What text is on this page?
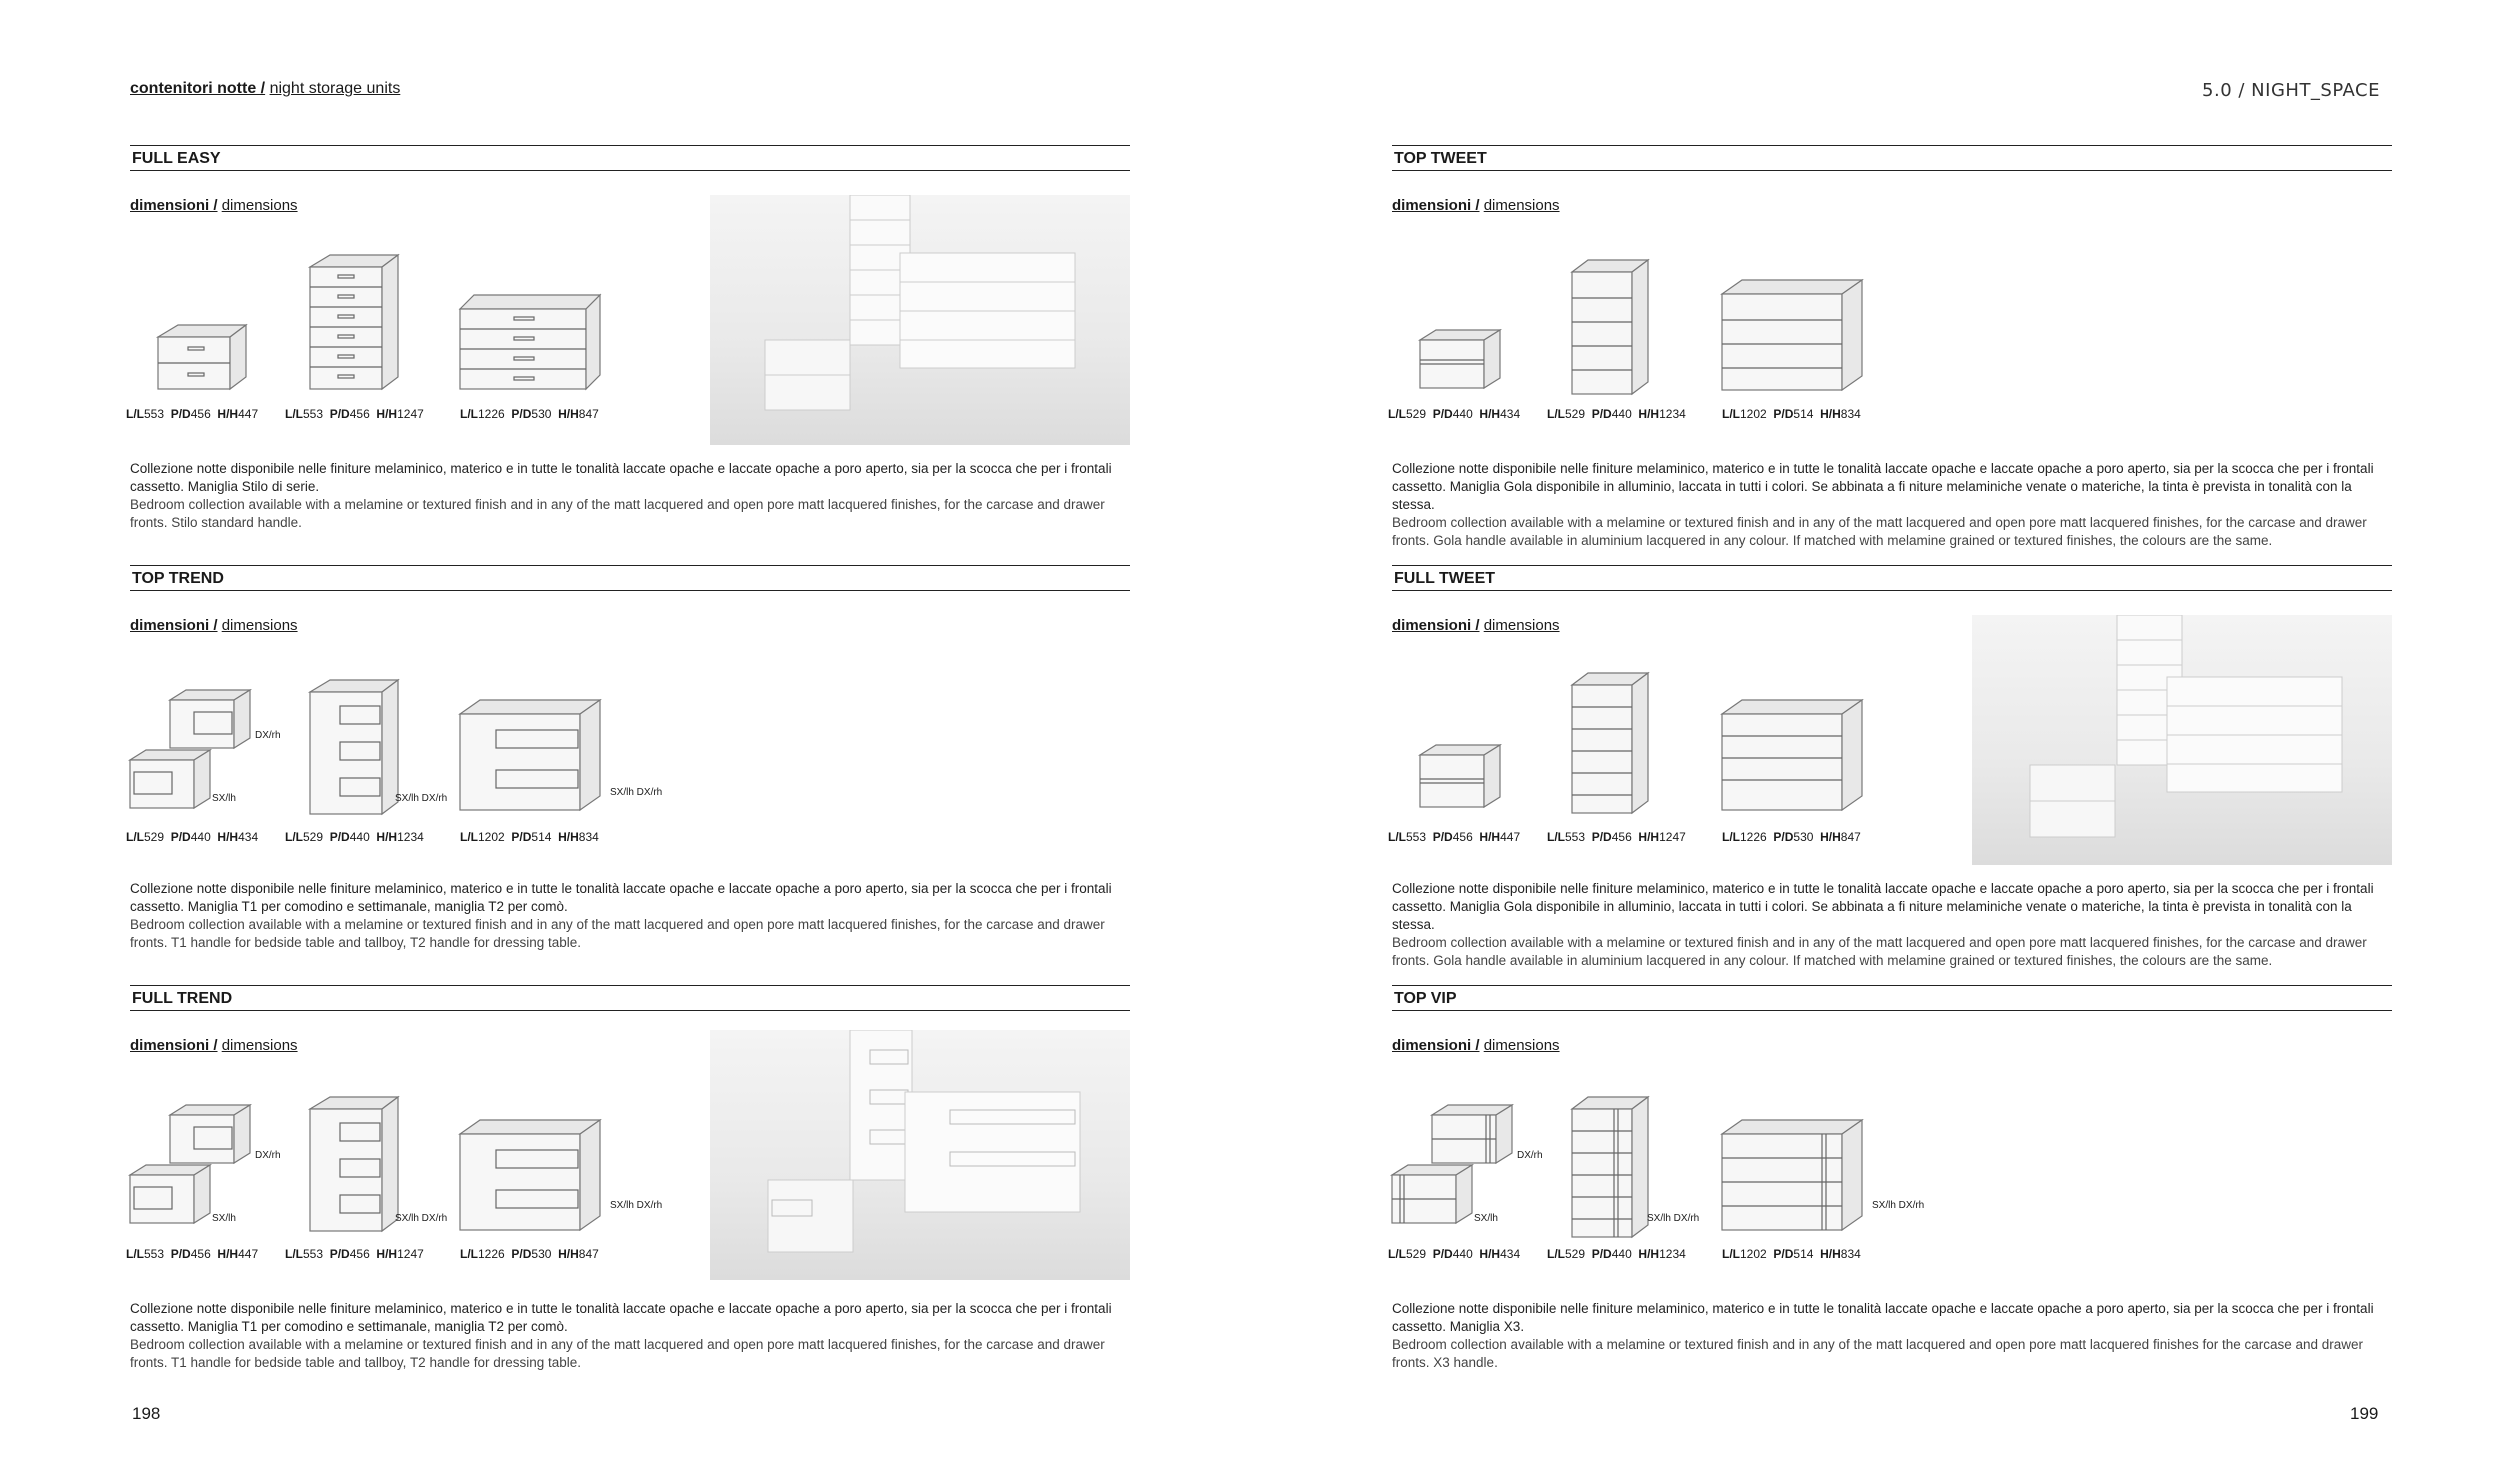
contenitori notte / night storage units	5.0 / NIGHT_SPACE
FULL EASY
dimensioni / dimensions
L/L553 P/D456 H/H447 L/L553 P/D456 H/H1247	L/L1226 P/D530 H/H847
Collezione notte disponibile nelle finiture melaminico, materico e in tutte le tonalità laccate opache e laccate opache a poro aperto, sia per la scocca che per i frontali cassetto. Maniglia Stilo di serie.
Bedroom collection available with a melamine or textured finish and in any of the matt lacquered and open pore matt lacquered finishes, for the carcase and drawer fronts. Stilo standard handle.
TOP TREND
dimensioni / dimensions
DX/rh
SX/lh	SX/lh DX/rh
SX/lh DX/rh
L/L529 P/D440 H/H434 L/L529 P/D440 H/H1234	L/L1202 P/D514 H/H834
Collezione notte disponibile nelle finiture melaminico, materico e in tutte le tonalità laccate opache e laccate opache a poro aperto, sia per la scocca che per i frontali cassetto. Maniglia T1 per comodino e settimanale, maniglia T2 per comò.
Bedroom collection available with a melamine or textured finish and in any of the matt lacquered and open pore matt lacquered finishes, for the carcase and drawer fronts. T1 handle for bedside table and tallboy, T2 handle for dressing table.
FULL TREND
dimensioni / dimensions
DX/rh
SX/lh	SX/lh DX/rh
SX/lh DX/rh
L/L553 P/D456 H/H447 L/L553 P/D456 H/H1247	L/L1226 P/D530 H/H847
Collezione notte disponibile nelle finiture melaminico, materico e in tutte le tonalità laccate opache e laccate opache a poro aperto, sia per la scocca che per i frontali cassetto. Maniglia T1 per comodino e settimanale, maniglia T2 per comò.
Bedroom collection available with a melamine or textured finish and in any of the matt lacquered and open pore matt lacquered finishes, for the carcase and drawer fronts. T1 handle for bedside table and tallboy, T2 handle for dressing table.
198
TOP TWEET
dimensioni / dimensions
L/L529 P/D440 H/H434 L/L529 P/D440 H/H1234	L/L1202 P/D514 H/H834
Collezione notte disponibile nelle finiture melaminico, materico e in tutte le tonalità laccate opache e laccate opache a poro aperto, sia per la scocca che per i frontali cassetto. Maniglia Gola disponibile in alluminio, laccata in tutti i colori. Se abbinata a fi niture melaminiche venate o materiche, la tinta è prevista in tonalità con la stessa.
Bedroom collection available with a melamine or textured finish and in any of the matt lacquered and open pore matt lacquered finishes, for the carcase and drawer fronts. Gola handle available in aluminium lacquered in any colour. If matched with melamine grained or textured finishes, the colours are the same.
FULL TWEET
dimensioni / dimensions
L/L553 P/D456 H/H447 L/L553 P/D456 H/H1247	L/L1226 P/D530 H/H847
Collezione notte disponibile nelle finiture melaminico, materico e in tutte le tonalità laccate opache e laccate opache a poro aperto, sia per la scocca che per i frontali cassetto. Maniglia Gola disponibile in alluminio, laccata in tutti i colori. Se abbinata a fi niture melaminiche venate o materiche, la tinta è prevista in tonalità con la stessa.
Bedroom collection available with a melamine or textured finish and in any of the matt lacquered and open pore matt lacquered finishes, for the carcase and drawer fronts. Gola handle available in aluminium lacquered in any colour. If matched with melamine grained or textured finishes, the colours are the same.
TOP VIP
dimensioni / dimensions
DX/rh
SX/lh	SX/lh DX/rh
SX/lh DX/rh
L/L529 P/D440 H/H434 L/L529 P/D440 H/H1234	L/L1202 P/D514 H/H834
Collezione notte disponibile nelle finiture melaminico, materico e in tutte le tonalità laccate opache e laccate opache a poro aperto, sia per la scocca che per i frontali cassetto. Maniglia X3.
Bedroom collection available with a melamine or textured finish and in any of the matt lacquered and open pore matt lacquered finishes for the carcase and drawer fronts. X3 handle.
199
